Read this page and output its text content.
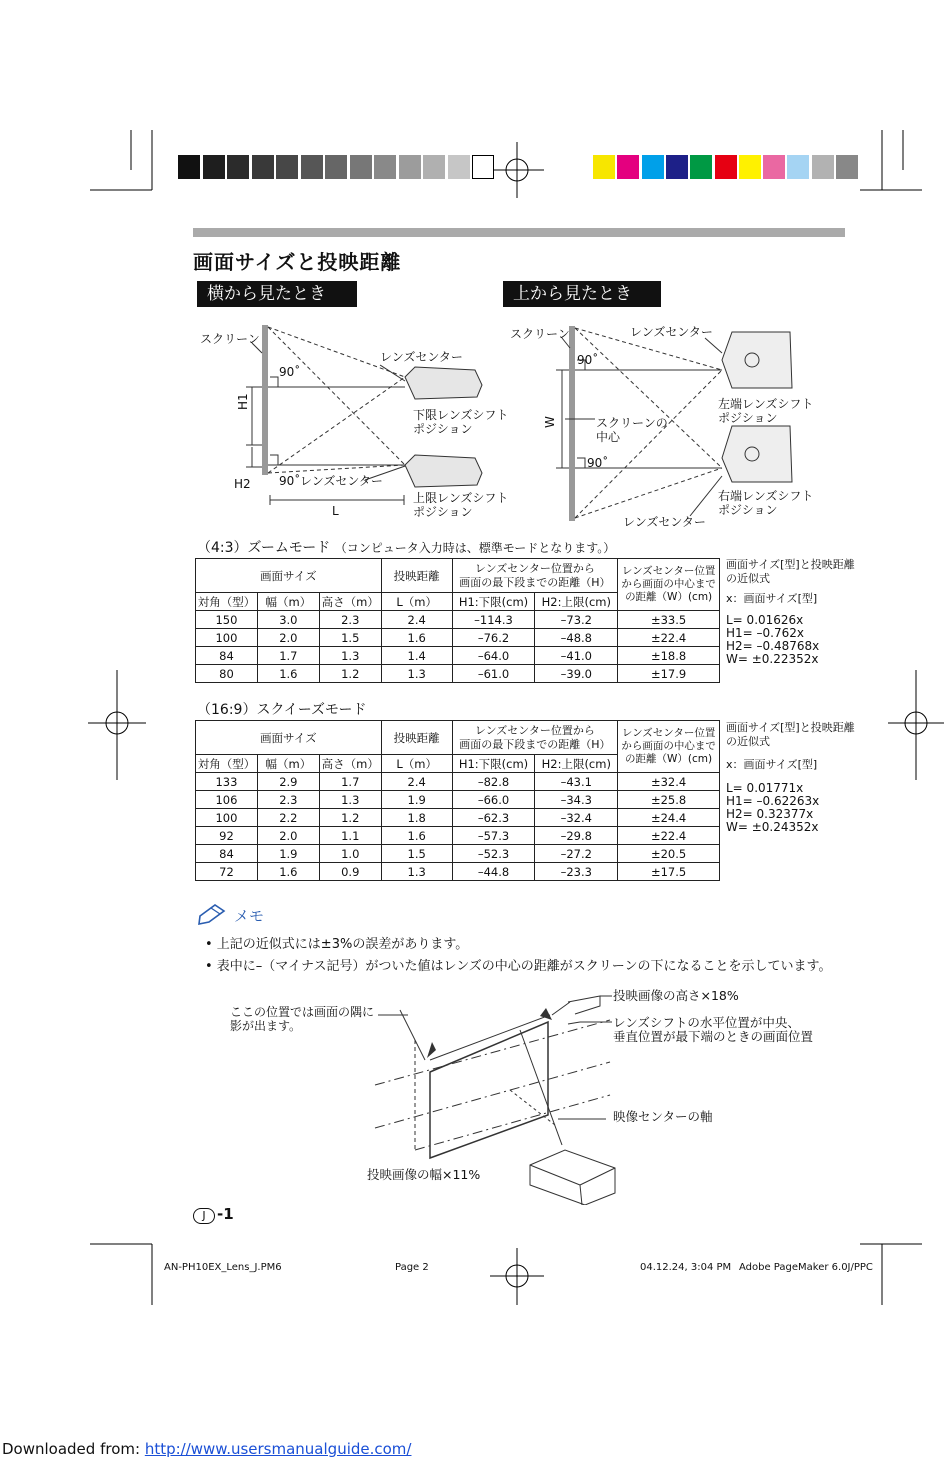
画面サイズと投映距離
横から見たとき	上から見たとき
スクリーン
90˚
レンズセンター
下限レンズシフト
ポジション
H1
H2 90˚ レンズセンター
上限レンズシフト
ポジション
L
スクリーン	レンズセンター
90˚
左端レンズシフト
ポジション
W	スクリーンの
中心
90˚
右端レンズシフト
ポジション
レンズセンター
（4:3）ズームモード （コンピュータ入力時は、標準モードとなります。）
画面サイズ			投映距離	レンズセンター位置から
画面の最下段までの距離（H）		レンズセンター位置
から画面の中心まで
の距離（W）(cm)
対角（型）	幅（m）	高さ（m）	L（m）	H1:下限(cm)	H2:上限(cm)	
150	3.0	2.3	2.4	–114.3	–73.2	±33.5
100	2.0	1.5	1.6	–76.2	–48.8	±22.4
84	1.7	1.3	1.4	–64.0	–41.0	±18.8
80	1.6	1.2	1.3	–61.0	–39.0	±17.9
画面サイズ[型]と投映距離
の近似式
x：画面サイズ[型]
L= 0.01626x
H1= –0.762x
H2= –0.48768x
W= ±0.22352x
（16:9）スクイーズモード
画面サイズ			投映距離	レンズセンター位置から
画面の最下段までの距離（H）		レンズセンター位置
から画面の中心まで
の距離（W）(cm)
対角（型）	幅（m）	高さ（m）	L（m）	H1:下限(cm)	H2:上限(cm)	
133	2.9	1.7	2.4	–82.8	–43.1	±32.4
106	2.3	1.3	1.9	–66.0	–34.3	±25.8
100	2.2	1.2	1.8	–62.3	–32.4	±24.4
92	2.0	1.1	1.6	–57.3	–29.8	±22.4
84	1.9	1.0	1.5	–52.3	–27.2	±20.5
72	1.6	0.9	1.3	–44.8	–23.3	±17.5
画面サイズ[型]と投映距離
の近似式
x：画面サイズ[型]
L= 0.01771x
H1= –0.62263x
H2= 0.32377x
W= ±0.24352x
メモ
• 上記の近似式には±3%の誤差があります。
• 表中に–（マイナス記号）がついた値はレンズの中心の距離がスクリーンの下になることを示しています。
ここの位置では画面の隅に
影が出ます。
投映画像の高さ×18%
レンズシフトの水平位置が中央、
垂直位置が最下端のときの画面位置
映像センターの軸
投映画像の幅×11%
J -1
AN-PH10EX_Lens_J.PM6	Page 2	04.12.24, 3:04 PM Adobe PageMaker 6.0J/PPC
Downloaded from: http://www.usersmanualguide.com/
